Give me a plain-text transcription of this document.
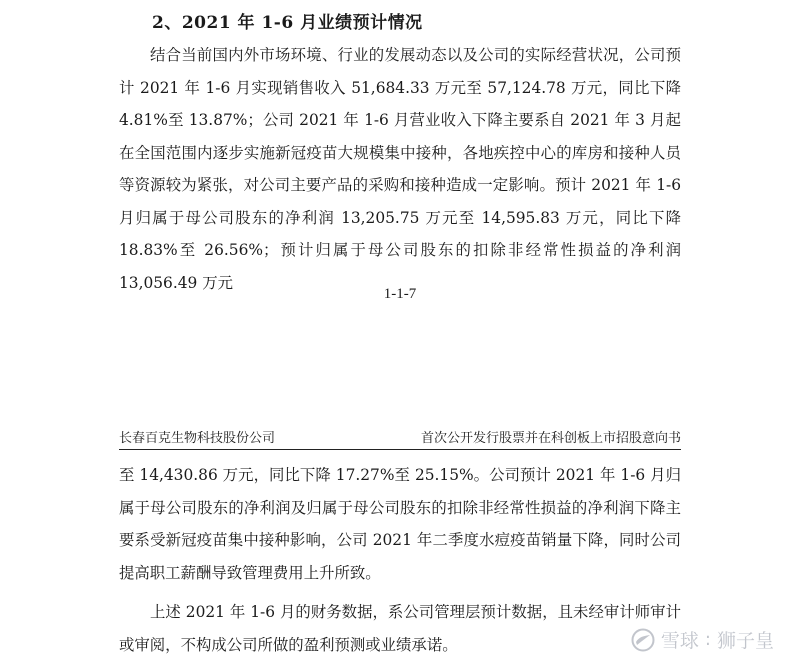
2、2021 年 1-6 月业绩预计情况
结合当前国内外市场环境、行业的发展动态以及公司的实际经营状况，公司预计 2021 年 1-6 月实现销售收入 51,684.33 万元至 57,124.78 万元，同比下降 4.81%至 13.87%；公司 2021 年 1-6 月营业收入下降主要系自 2021 年 3 月起在全国范围内逐步实施新冠疫苗大规模集中接种，各地疾控中心的库房和接种人员等资源较为紧张，对公司主要产品的采购和接种造成一定影响。预计 2021 年 1-6 月归属于母公司股东的净利润 13,205.75 万元至 14,595.83 万元，同比下降 18.83%至 26.56%；预计归属于母公司股东的扣除非经常性损益的净利润 13,056.49 万元
1-1-7
长春百克生物科技股份公司	首次公开发行股票并在科创板上市招股意向书
至 14,430.86 万元，同比下降 17.27%至 25.15%。公司预计 2021 年 1-6 月归属于母公司股东的净利润及归属于母公司股东的扣除非经常性损益的净利润下降主要系受新冠疫苗集中接种影响，公司 2021 年二季度水痘疫苗销量下降，同时公司提高职工薪酬导致管理费用上升所致。
上述 2021 年 1-6 月的财务数据，系公司管理层预计数据，且未经审计师审计或审阅，不构成公司所做的盈利预测或业绩承诺。	雪球 : 狮子皇
